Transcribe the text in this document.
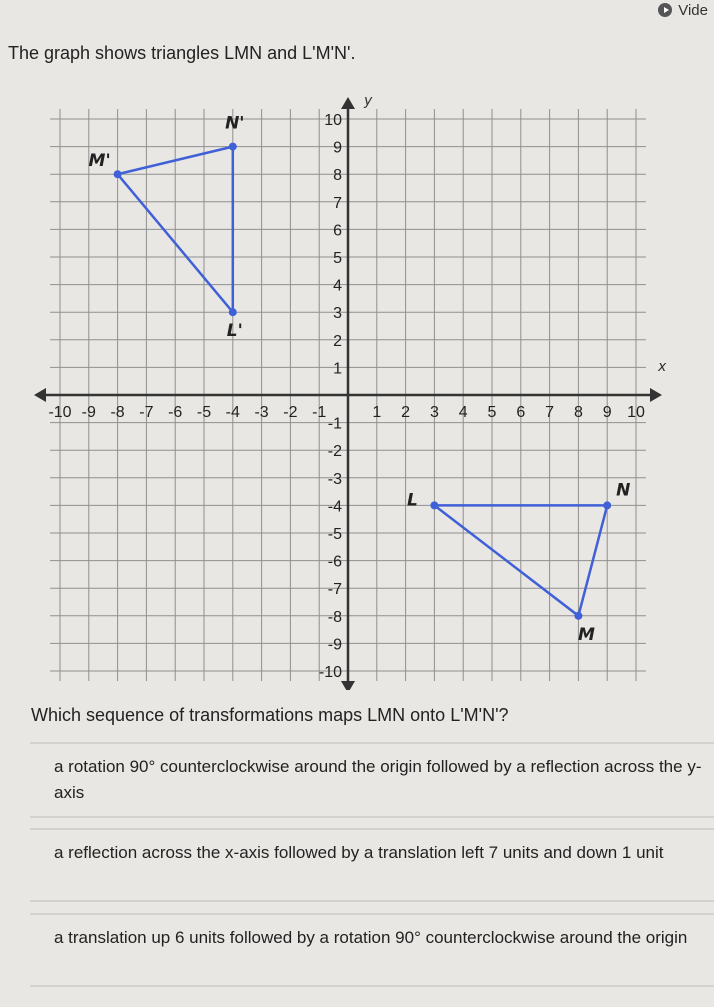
Vide
The graph shows triangles LMN and L'M'N'.
x
y
-10 -9 -8 -7 -6 -5 -4 -3 -2 -1	1 2 3 4 5 6 7 8 9 10
-10
-9
-8
-7
-6
-5
-4
-3
-2
-1
1
2
3
4
5
6
7
8
9
10
L	N
M
L'
N'
M'
Which sequence of transformations maps LMN onto L'M'N'?
a rotation 90° counterclockwise around the origin followed by a reflection across the y-axis
a reflection across the x-axis followed by a translation left 7 units and down 1 unit
a translation up 6 units followed by a rotation 90° counterclockwise around the origin
